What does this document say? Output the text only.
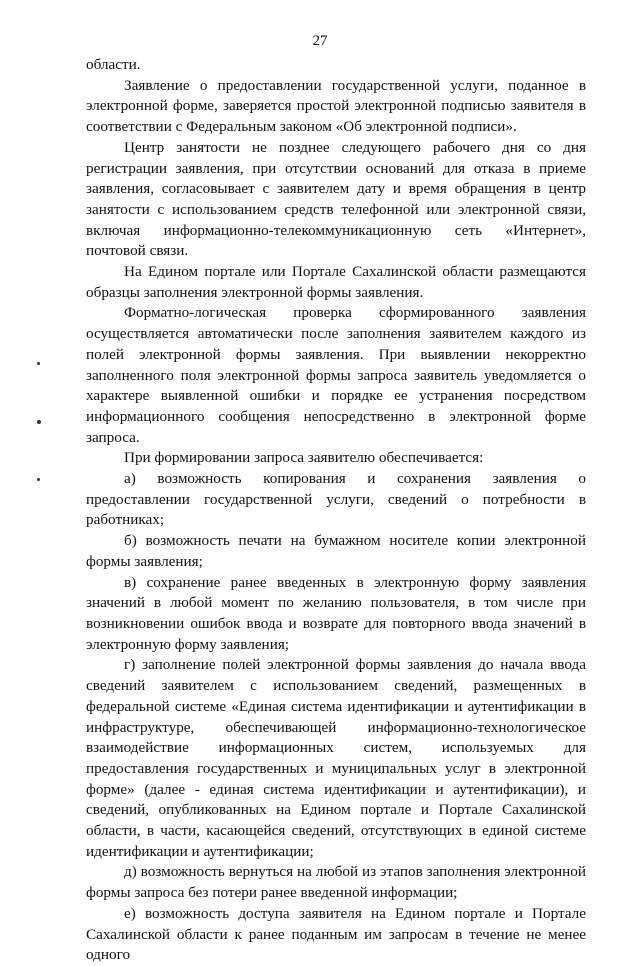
27

области.

Заявление о предоставлении государственной услуги, поданное в электронной форме, заверяется простой электронной подписью заявителя в соответствии с Федеральным законом «Об электронной подписи».

Центр занятости не позднее следующего рабочего дня со дня регистрации заявления, при отсутствии оснований для отказа в приеме заявления, согласовывает с заявителем дату и время обращения в центр занятости с использованием средств телефонной или электронной связи, включая информационно-телекоммуникационную сеть «Интернет», почтовой связи.

На Едином портале или Портале Сахалинской области размещаются образцы заполнения электронной формы заявления.

Форматно-логическая проверка сформированного заявления осуществляется автоматически после заполнения заявителем каждого из полей электронной формы заявления. При выявлении некорректно заполненного поля электронной формы запроса заявитель уведомляется о характере выявленной ошибки и порядке ее устранения посредством информационного сообщения непосредственно в электронной форме запроса.

При формировании запроса заявителю обеспечивается:

а) возможность копирования и сохранения заявления о предоставлении государственной услуги, сведений о потребности в работниках;

б) возможность печати на бумажном носителе копии электронной формы заявления;

в) сохранение ранее введенных в электронную форму заявления значений в любой момент по желанию пользователя, в том числе при возникновении ошибок ввода и возврате для повторного ввода значений в электронную форму заявления;

г) заполнение полей электронной формы заявления до начала ввода сведений заявителем с использованием сведений, размещенных в федеральной системе «Единая система идентификации и аутентификации в инфраструктуре, обеспечивающей информационно-технологическое взаимодействие информационных систем, используемых для предоставления государственных и муниципальных услуг в электронной форме» (далее - единая система идентификации и аутентификации), и сведений, опубликованных на Едином портале и Портале Сахалинской области, в части, касающейся сведений, отсутствующих в единой системе идентификации и аутентификации;

д) возможность вернуться на любой из этапов заполнения электронной формы запроса без потери ранее введенной информации;

е) возможность доступа заявителя на Едином портале и Портале Сахалинской области к ранее поданным им запросам в течение не менее одного
